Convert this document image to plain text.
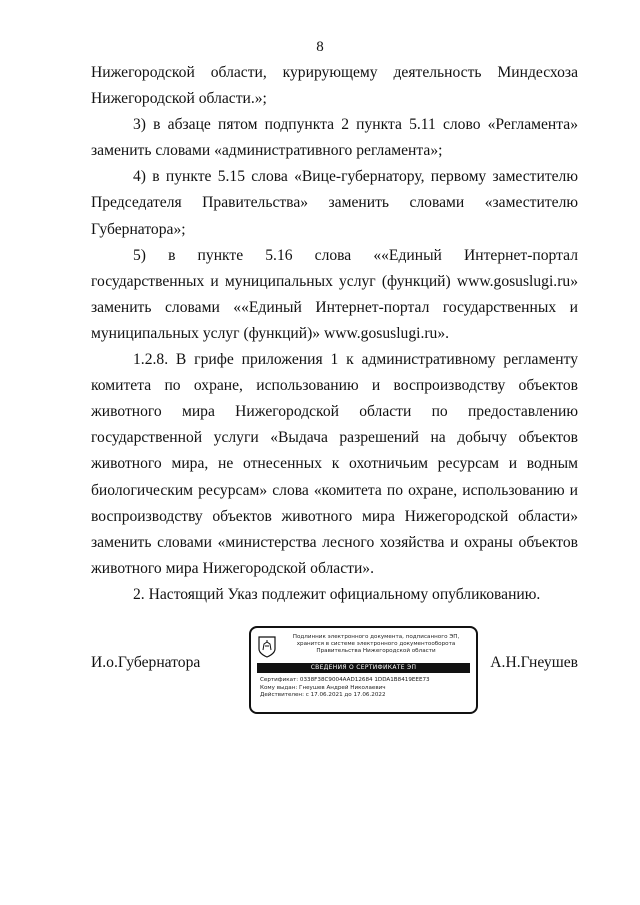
8

Нижегородской области, курирующему деятельность Миндесхоза Нижегородской области.»;

3) в абзаце пятом подпункта 2 пункта 5.11 слово «Регламента» заменить словами «административного регламента»;

4) в пункте 5.15 слова «Вице-губернатору, первому заместителю Председателя Правительства» заменить словами «заместителю Губернатора»;

5) в пункте 5.16 слова ««Единый Интернет-портал государственных и муниципальных услуг (функций) www.gosuslugi.ru» заменить словами ««Единый Интернет-портал государственных и муниципальных услуг (функций)» www.gosuslugi.ru».

1.2.8. В грифе приложения 1 к административному регламенту комитета по охране, использованию и воспроизводству объектов животного мира Нижегородской области по предоставлению государственной услуги «Выдача разрешений на добычу объектов животного мира, не отнесенных к охотничьим ресурсам и водным биологическим ресурсам» слова «комитета по охране, использованию и воспроизводству объектов животного мира Нижегородской области» заменить словами «министерства лесного хозяйства и охраны объектов животного мира Нижегородской области».

2. Настоящий Указ подлежит официальному опубликованию.

И.о.Губернатора	А.Н.Гнеушев
Подлинник электронного документа, подписанного ЭП,
хранится в системе электронного документооборота
Правительства Нижегородской области
СВЕДЕНИЯ О СЕРТИФИКАТЕ ЭП
Сертификат: 0338F38C9004AAD12684 1DDA1B8419EEE73
Кому выдан: Гнеушев Андрей Николаевич
Действителен: с 17.06.2021 до 17.06.2022
